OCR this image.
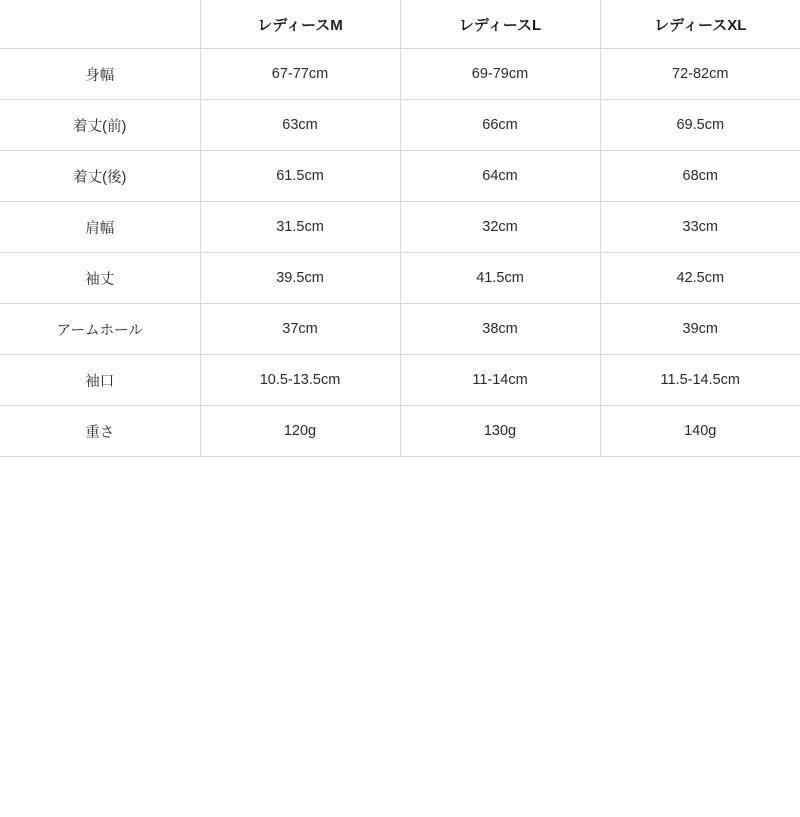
	レディースM	レディースL	レディースXL
身幅	67-77cm	69-79cm	72-82cm
着丈(前)	63cm	66cm	69.5cm
着丈(後)	61.5cm	64cm	68cm
肩幅	31.5cm	32cm	33cm
袖丈	39.5cm	41.5cm	42.5cm
アームホール	37cm	38cm	39cm
袖口	10.5-13.5cm	11-14cm	11.5-14.5cm
重さ	120g	130g	140g
